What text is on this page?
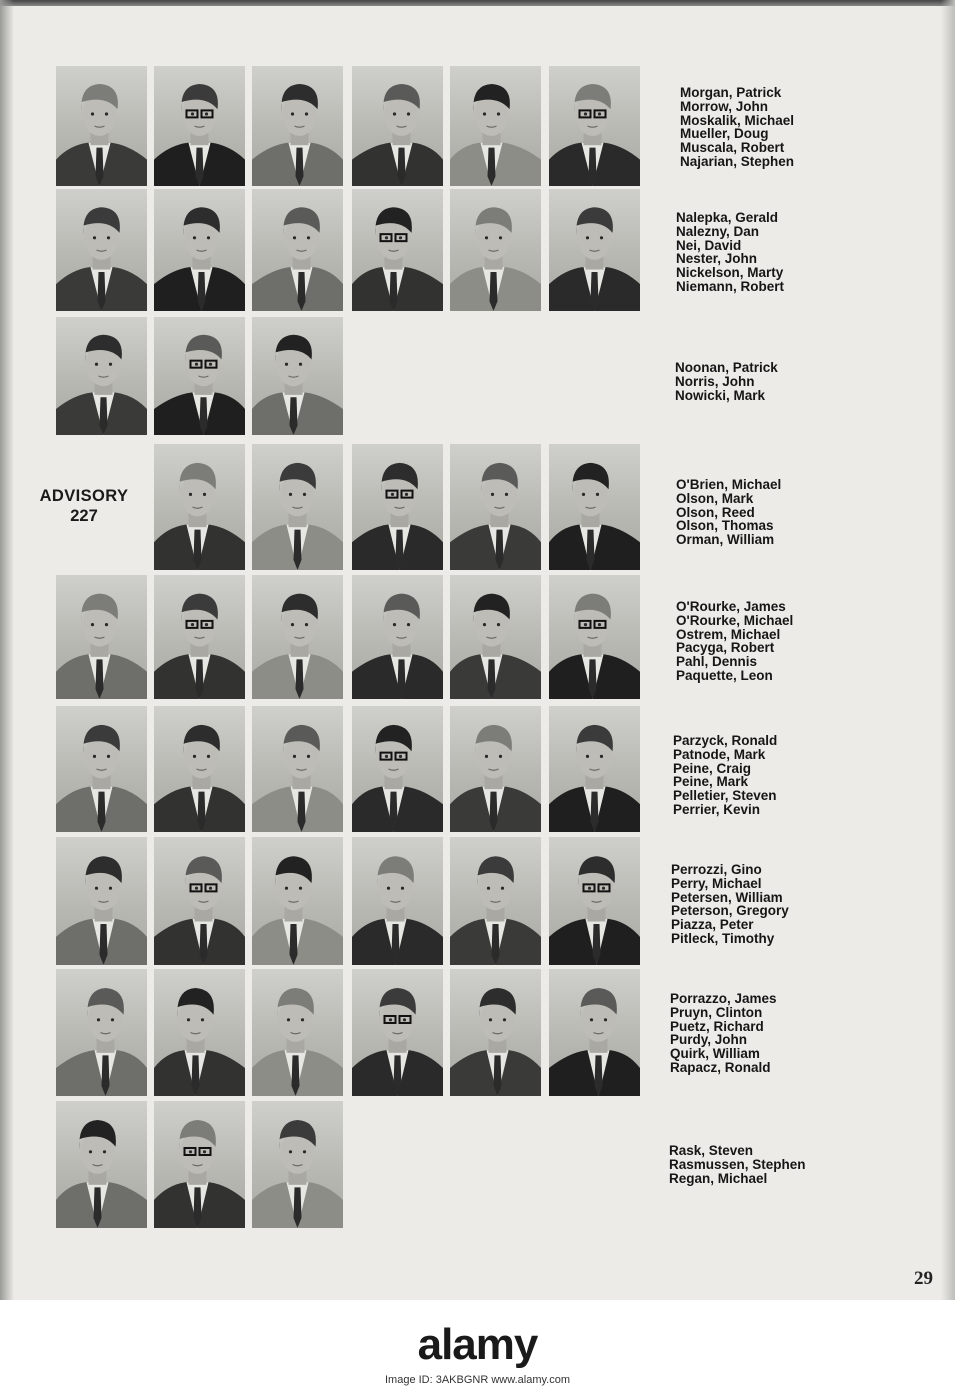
Morgan, Patrick
Morrow, John
Moskalik, Michael
Mueller, Doug
Muscala, Robert
Najarian, Stephen
Nalepka, Gerald
Nalezny, Dan
Nei, David
Nester, John
Nickelson, Marty
Niemann, Robert
Noonan, Patrick
Norris, John
Nowicki, Mark
O'Brien, Michael
Olson, Mark
Olson, Reed
Olson, Thomas
Orman, William
O'Rourke, James
O'Rourke, Michael
Ostrem, Michael
Pacyga, Robert
Pahl, Dennis
Paquette, Leon
Parzyck, Ronald
Patnode, Mark
Peine, Craig
Peine, Mark
Pelletier, Steven
Perrier, Kevin
Perrozzi, Gino
Perry, Michael
Petersen, William
Peterson, Gregory
Piazza, Peter
Pitleck, Timothy
Porrazzo, James
Pruyn, Clinton
Puetz, Richard
Purdy, John
Quirk, William
Rapacz, Ronald
Rask, Steven
Rasmussen, Stephen
Regan, Michael
ADVISORY
227
29
alamy
Image ID: 3AKBGNR www.alamy.com
